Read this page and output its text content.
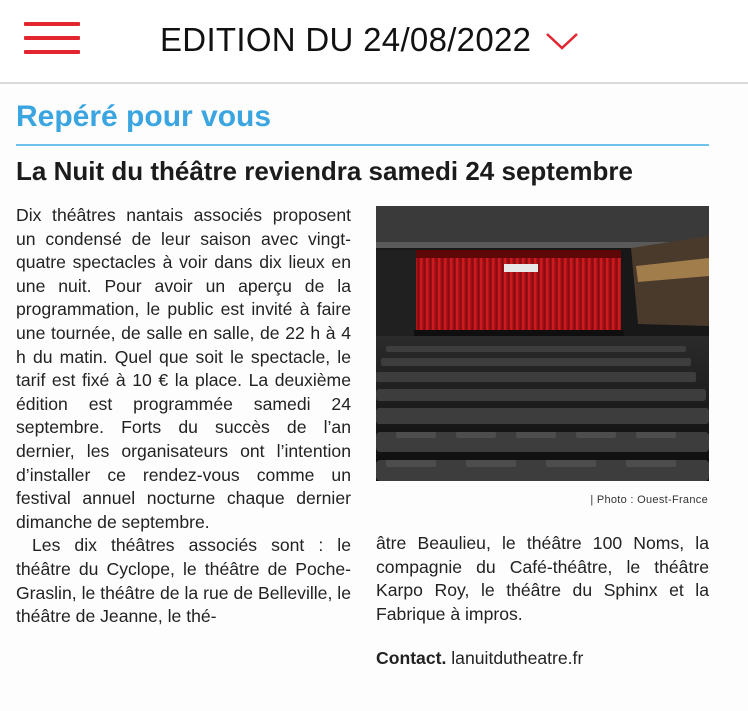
EDITION DU 24/08/2022
Repéré pour vous
La Nuit du théâtre reviendra samedi 24 septembre

Dix théâtres nantais associés proposent un condensé de leur saison avec vingt-quatre spectacles à voir dans dix lieux en une nuit. Pour avoir un aperçu de la programmation, le public est invité à faire une tournée, de salle en salle, de 22 h à 4 h du matin. Quel que soit le spectacle, le tarif est fixé à 10 € la place. La deuxième édition est programmée samedi 24 septembre. Forts du succès de l’an dernier, les organisateurs ont l’intention d’installer ce rendez-vous comme un festival annuel nocturne chaque dernier dimanche de septembre.

Les dix théâtres associés sont : le théâtre du Cyclope, le théâtre de Poche-Graslin, le théâtre de la rue de Belleville, le théâtre de Jeanne, le thé-

| Photo : Ouest-France

âtre Beaulieu, le théâtre 100 Noms, la compagnie du Café-théâtre, le théâtre Karpo Roy, le théâtre du Sphinx et la Fabrique à impros.

Contact. lanuitdutheatre.fr
